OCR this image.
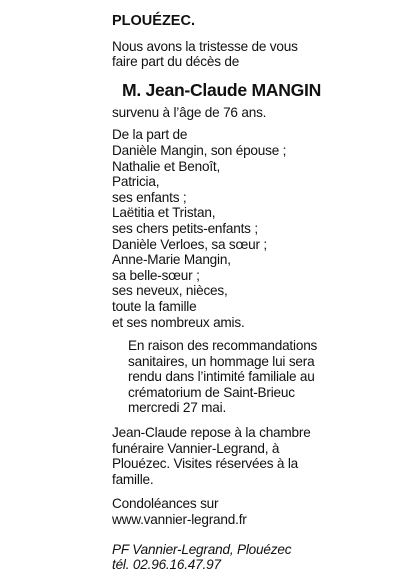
PLOUÉZEC.
Nous avons la tristesse de vous
faire part du décès de
M. Jean-Claude MANGIN
survenu à l’âge de 76 ans.
De la part de
Danièle Mangin, son épouse ;
Nathalie et Benoît,
Patricia,
ses enfants ;
Laëtitia et Tristan,
ses chers petits-enfants ;
Danièle Verloes, sa sœur ;
Anne-Marie Mangin,
sa belle-sœur ;
ses neveux, nièces,
toute la famille
et ses nombreux amis.
En raison des recommandations
sanitaires, un hommage lui sera
rendu dans l’intimité familiale au
crématorium de Saint-Brieuc
mercredi 27 mai.
Jean-Claude repose à la chambre
funéraire Vannier-Legrand, à
Plouézec. Visites réservées à la
famille.
Condoléances sur
www.vannier-legrand.fr
PF Vannier-Legrand, Plouézec
tél. 02.96.16.47.97
